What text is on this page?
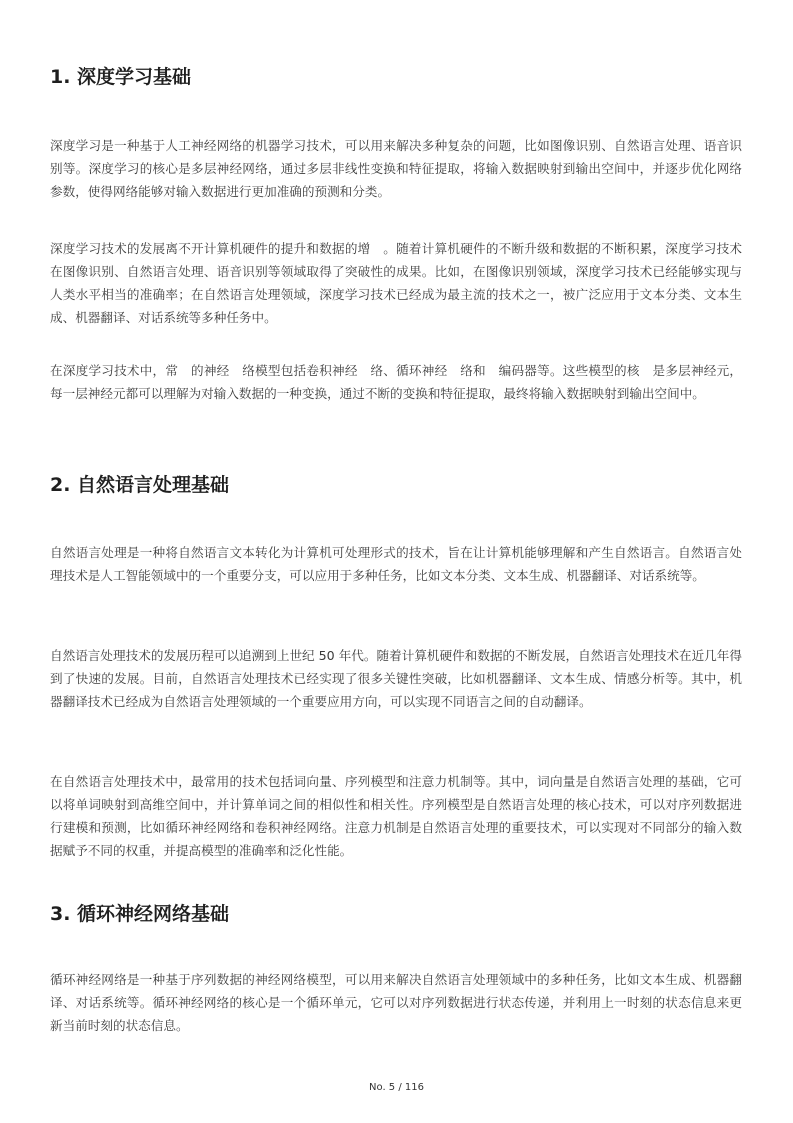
1. 深度学习基础

深度学习是一种基于人工神经网络的机器学习技术，可以用来解决多种复杂的问题，比如图像识别、自然语言处理、语音识别等。深度学习的核心是多层神经网络，通过多层非线性变换和特征提取，将输入数据映射到输出空间中，并逐步优化网络参数，使得网络能够对输入数据进行更加准确的预测和分类。

深度学习技术的发展离不开计算机硬件的提升和数据的增　。随着计算机硬件的不断升级和数据的不断积累，深度学习技术在图像识别、自然语言处理、语音识别等领域取得了突破性的成果。比如，在图像识别领域，深度学习技术已经能够实现与人类水平相当的准确率；在自然语言处理领域，深度学习技术已经成为最主流的技术之一，被广泛应用于文本分类、文本生成、机器翻译、对话系统等多种任务中。

在深度学习技术中，常　的神经　络模型包括卷积神经　络、循环神经　络和　编码器等。这些模型的核　是多层神经元，每一层神经元都可以理解为对输入数据的一种变换，通过不断的变换和特征提取，最终将输入数据映射到输出空间中。

2. 自然语言处理基础

自然语言处理是一种将自然语言文本转化为计算机可处理形式的技术，旨在让计算机能够理解和产生自然语言。自然语言处理技术是人工智能领域中的一个重要分支，可以应用于多种任务，比如文本分类、文本生成、机器翻译、对话系统等。

自然语言处理技术的发展历程可以追溯到上世纪 50 年代。随着计算机硬件和数据的不断发展，自然语言处理技术在近几年得到了快速的发展。目前，自然语言处理技术已经实现了很多关键性突破，比如机器翻译、文本生成、情感分析等。其中，机器翻译技术已经成为自然语言处理领域的一个重要应用方向，可以实现不同语言之间的自动翻译。

在自然语言处理技术中，最常用的技术包括词向量、序列模型和注意力机制等。其中，词向量是自然语言处理的基础，它可以将单词映射到高维空间中，并计算单词之间的相似性和相关性。序列模型是自然语言处理的核心技术，可以对序列数据进行建模和预测，比如循环神经网络和卷积神经网络。注意力机制是自然语言处理的重要技术，可以实现对不同部分的输入数据赋予不同的权重，并提高模型的准确率和泛化性能。

3. 循环神经网络基础

循环神经网络是一种基于序列数据的神经网络模型，可以用来解决自然语言处理领域中的多种任务，比如文本生成、机器翻译、对话系统等。循环神经网络的核心是一个循环单元，它可以对序列数据进行状态传递，并利用上一时刻的状态信息来更新当前时刻的状态信息。

No. 5 / 116
